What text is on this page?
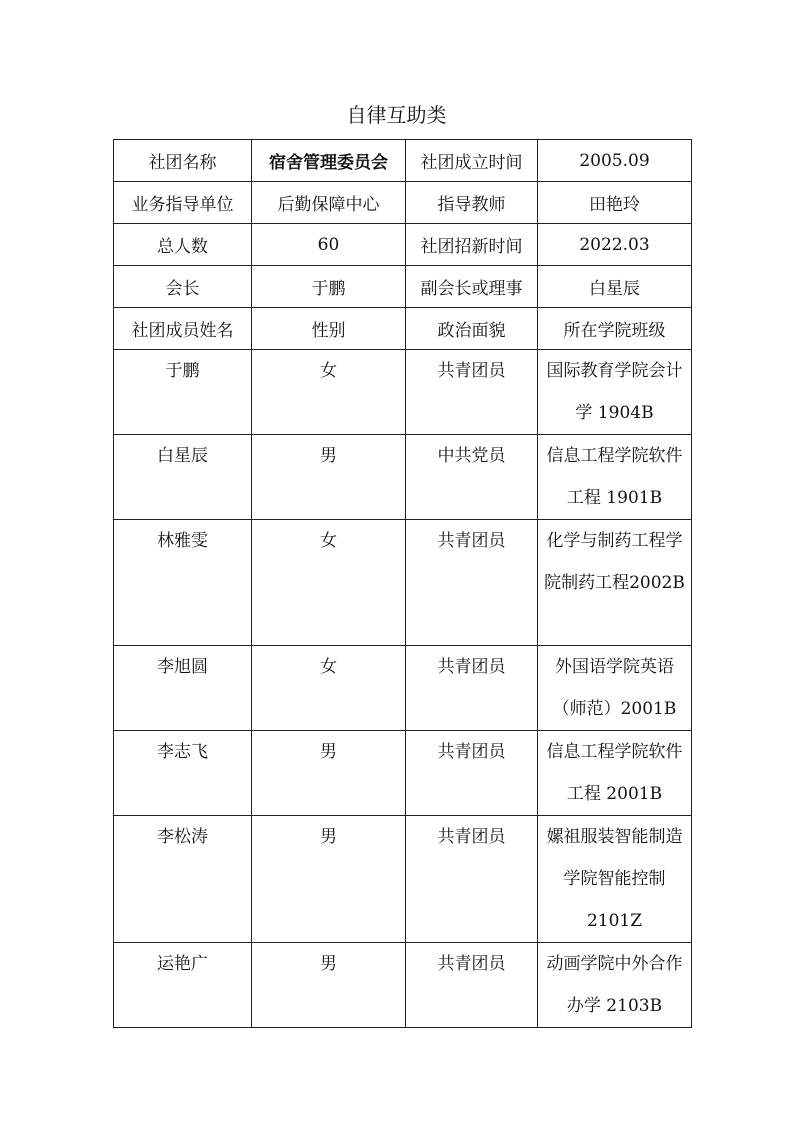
自律互助类
社团名称	宿舍管理委员会	社团成立时间	2005.09
业务指导单位	后勤保障中心	指导教师	田艳玲
总人数	60	社团招新时间	2022.03
会长	于鹏	副会长或理事	白星辰
社团成员姓名	性别	政治面貌	所在学院班级
于鹏	女	共青团员	国际教育学院会计学 1904B
白星辰	男	中共党员	信息工程学院软件工程 1901B
林雅雯	女	共青团员	化学与制药工程学院制药工程2002B
李旭圆	女	共青团员	外国语学院英语（师范）2001B
李志飞	男	共青团员	信息工程学院软件工程 2001B
李松涛	男	共青团员	嫘祖服装智能制造学院智能控制2101Z
运艳广	男	共青团员	动画学院中外合作办学 2103B
